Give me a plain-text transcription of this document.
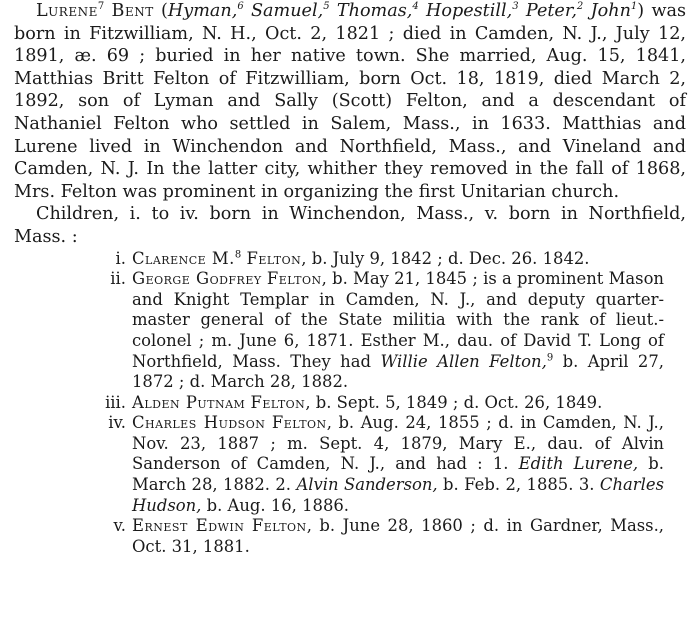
Lurene$^7$ Bent (Hyman,$^6$ Samuel,$^5$ Thomas,$^4$ Hopestill,$^3$ Peter,$^2$ John$^1$) was born in Fitzwilliam, N. H., Oct. 2, 1821 ; died in Camden, N. J., July 12, 1891, æ. 69 ; buried in her native town. She married, Aug. 15, 1841, Matthias Britt Felton of Fitzwilliam, born Oct. 18, 1819, died March 2, 1892, son of Lyman and Sally (Scott) Felton, and a descendant of Nathaniel Felton who settled in Salem, Mass., in 1633. Matthias and Lurene lived in Winchendon and Northfield, Mass., and Vineland and Camden, N. J. In the latter city, whither they removed in the fall of 1868, Mrs. Felton was prominent in organizing the first Unitarian church.

Children, i. to iv. born in Winchendon, Mass., v. born in Northfield, Mass. :

i. Clarence M.$^8$ Felton, b. July 9, 1842 ; d. Dec. 26. 1842.
ii. George Godfrey Felton, b. May 21, 1845 ; is a prominent Mason and Knight Templar in Camden, N. J., and deputy quarter-master general of the State militia with the rank of lieut.-colonel ; m. June 6, 1871. Esther M., dau. of David T. Long of Northfield, Mass. They had Willie Allen Felton,$^9$ b. April 27, 1872 ; d. March 28, 1882.
iii. Alden Putnam Felton, b. Sept. 5, 1849 ; d. Oct. 26, 1849.
iv. Charles Hudson Felton, b. Aug. 24, 1855 ; d. in Camden, N. J., Nov. 23, 1887 ; m. Sept. 4, 1879, Mary E., dau. of Alvin Sanderson of Camden, N. J., and had : 1. Edith Lurene, b. March 28, 1882. 2. Alvin Sanderson, b. Feb. 2, 1885. 3. Charles Hudson, b. Aug. 16, 1886.
v. Ernest Edwin Felton, b. June 28, 1860 ; d. in Gardner, Mass., Oct. 31, 1881.
